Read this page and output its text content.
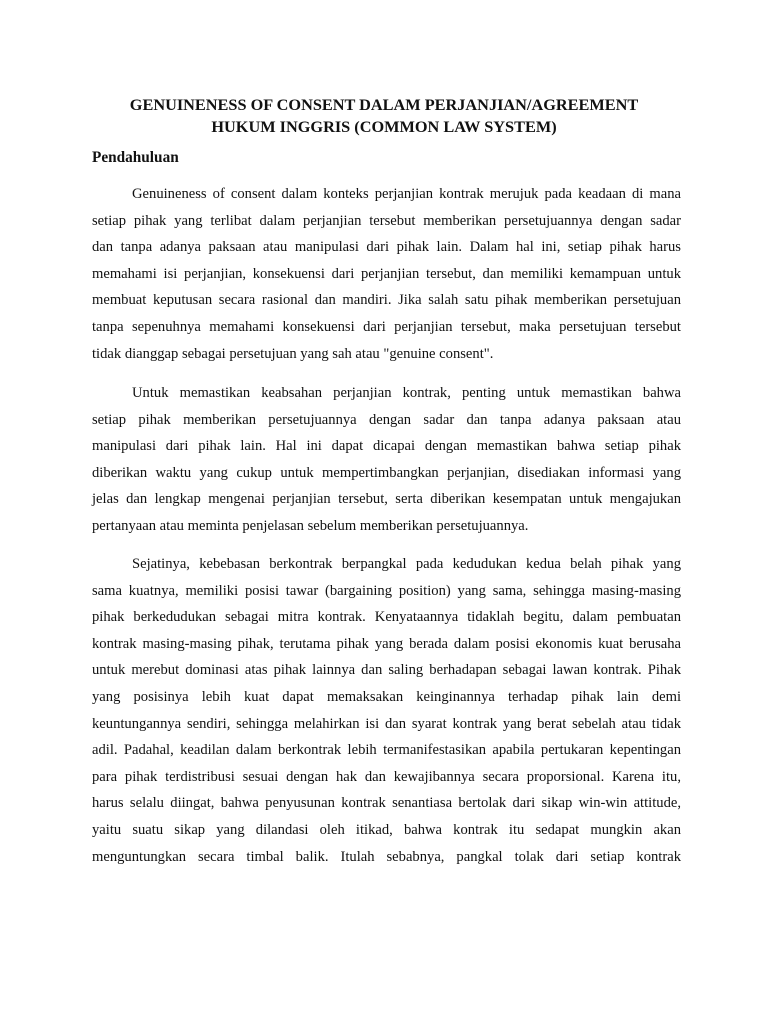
GENUINENESS OF CONSENT DALAM PERJANJIAN/AGREEMENT
HUKUM INGGRIS (COMMON LAW SYSTEM)
Pendahuluan

Genuineness of consent dalam konteks perjanjian kontrak merujuk pada keadaan di mana
setiap pihak yang terlibat dalam perjanjian tersebut memberikan persetujuannya dengan sadar
dan tanpa adanya paksaan atau manipulasi dari pihak lain. Dalam hal ini, setiap pihak harus
memahami isi perjanjian, konsekuensi dari perjanjian tersebut, dan memiliki kemampuan untuk
membuat keputusan secara rasional dan mandiri. Jika salah satu pihak memberikan persetujuan
tanpa sepenuhnya memahami konsekuensi dari perjanjian tersebut, maka persetujuan tersebut
tidak dianggap sebagai persetujuan yang sah atau "genuine consent".

Untuk memastikan keabsahan perjanjian kontrak, penting untuk memastikan bahwa
setiap pihak memberikan persetujuannya dengan sadar dan tanpa adanya paksaan atau
manipulasi dari pihak lain. Hal ini dapat dicapai dengan memastikan bahwa setiap pihak
diberikan waktu yang cukup untuk mempertimbangkan perjanjian, disediakan informasi yang
jelas dan lengkap mengenai perjanjian tersebut, serta diberikan kesempatan untuk mengajukan
pertanyaan atau meminta penjelasan sebelum memberikan persetujuannya.

Sejatinya, kebebasan berkontrak berpangkal pada kedudukan kedua belah pihak yang
sama kuatnya, memiliki posisi tawar (bargaining position) yang sama, sehingga masing-masing
pihak berkedudukan sebagai mitra kontrak. Kenyataannya tidaklah begitu, dalam pembuatan
kontrak masing-masing pihak, terutama pihak yang berada dalam posisi ekonomis kuat berusaha
untuk merebut dominasi atas pihak lainnya dan saling berhadapan sebagai lawan kontrak. Pihak
yang posisinya lebih kuat dapat memaksakan keinginannya terhadap pihak lain demi
keuntungannya sendiri, sehingga melahirkan isi dan syarat kontrak yang berat sebelah atau tidak
adil. Padahal, keadilan dalam berkontrak lebih termanifestasikan apabila pertukaran kepentingan
para pihak terdistribusi sesuai dengan hak dan kewajibannya secara proporsional. Karena itu,
harus selalu diingat, bahwa penyusunan kontrak senantiasa bertolak dari sikap win-win attitude,
yaitu suatu sikap yang dilandasi oleh itikad, bahwa kontrak itu sedapat mungkin akan
menguntungkan secara timbal balik. Itulah sebabnya, pangkal tolak dari setiap kontrak
